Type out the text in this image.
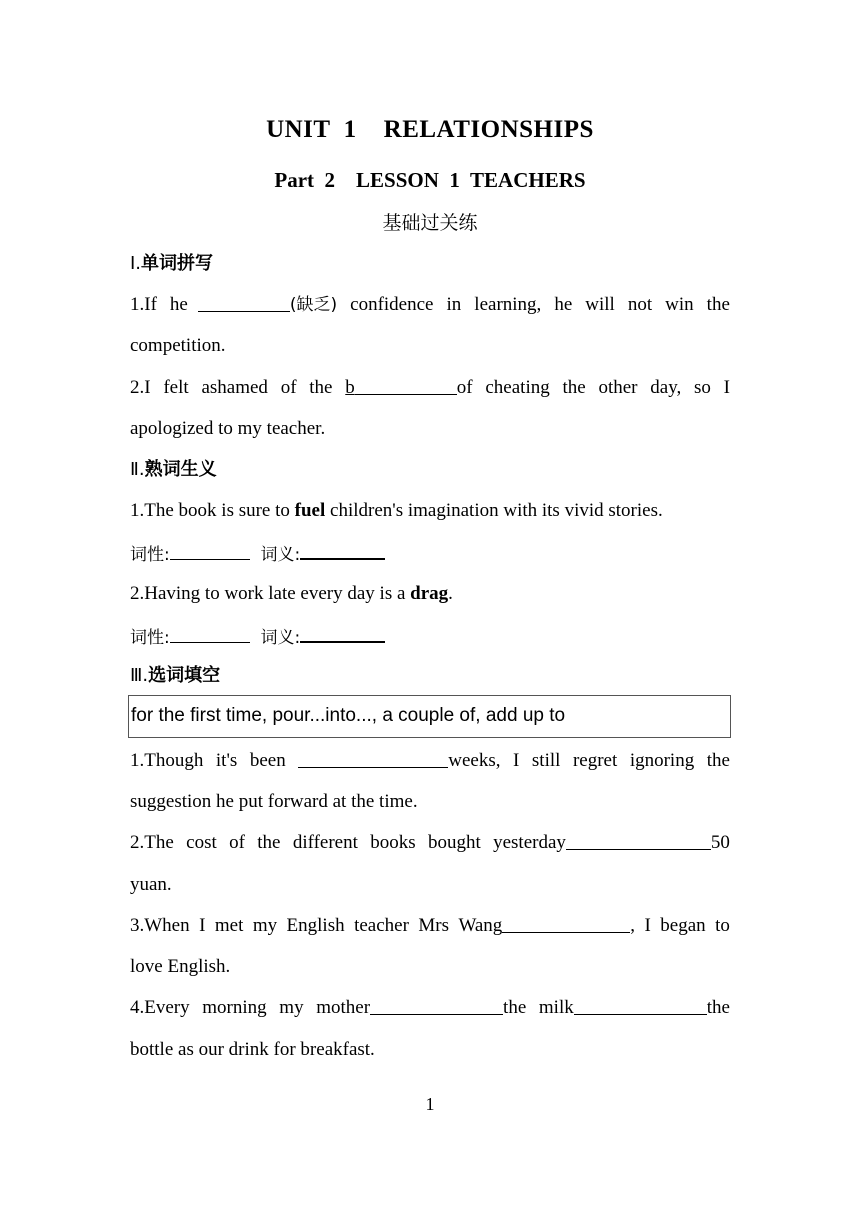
UNIT  1    RELATIONSHIPS
Part  2    LESSON  1  TEACHERS
基础过关练
Ⅰ.单词拼写
1.If he	(缺乏) confidence in learning, he will not win the
competition.
2.I felt ashamed of the b	of cheating the other day, so I
apologized to my teacher.
Ⅱ.熟词生义
1.The book is sure to fuel children's imagination with its vivid stories.
词性:	词义:
2.Having to work late every day is a drag.
词性:	词义:
Ⅲ.选词填空
for the first time, pour...into..., a couple of, add up to
1.Though it's been	weeks, I still regret ignoring the
suggestion he put forward at the time.
2.The cost of the different books bought yesterday	50
yuan.
3.When I met my English teacher Mrs Wang	, I began to
love English.
4.Every morning my mother	the milk	the
bottle as our drink for breakfast.
1
